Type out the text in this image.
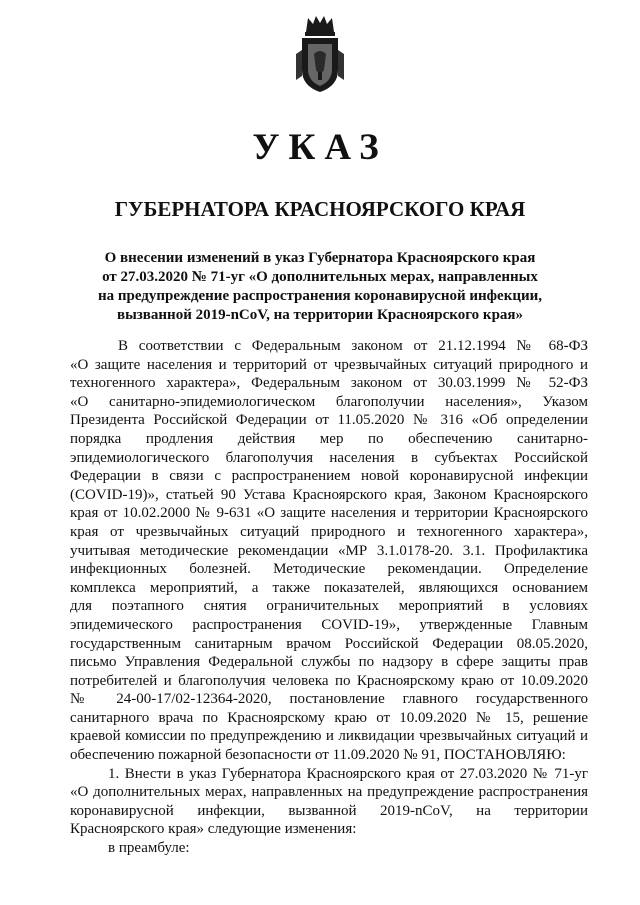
УКАЗ
ГУБЕРНАТОРА КРАСНОЯРСКОГО КРАЯ
О внесении изменений в указ Губернатора Красноярского края
от 27.03.2020 № 71-уг «О дополнительных мерах, направленных
на предупреждение распространения коронавирусной инфекции,
вызванной 2019-nCoV, на территории Красноярского края»
В соответствии с Федеральным законом от 21.12.1994 № 68-ФЗ
«О защите населения и территорий от чрезвычайных ситуаций природного и
техногенного характера», Федеральным законом от 30.03.1999 № 52-ФЗ
«О санитарно-эпидемиологическом благополучии населения», Указом
Президента Российской Федерации от 11.05.2020 № 316 «Об определении
порядка продления действия мер по обеспечению санитарно-
эпидемиологического благополучия населения в субъектах Российской
Федерации в связи с распространением новой коронавирусной инфекции
(COVID-19)», статьей 90 Устава Красноярского края, Законом Красноярского
края от 10.02.2000 № 9-631 «О защите населения и территории Красноярского
края от чрезвычайных ситуаций природного и техногенного характера»,
учитывая методические рекомендации «МР 3.1.0178-20. 3.1. Профилактика
инфекционных болезней. Методические рекомендации. Определение
комплекса мероприятий, а также показателей, являющихся основанием
для поэтапного снятия ограничительных мероприятий в условиях
эпидемического распространения COVID-19», утвержденные Главным
государственным санитарным врачом Российской Федерации 08.05.2020,
письмо Управления Федеральной службы по надзору в сфере защиты прав
потребителей и благополучия человека по Красноярскому краю от 10.09.2020
№ 24-00-17/02-12364-2020, постановление главного государственного
санитарного врача по Красноярскому краю от 10.09.2020 № 15, решение
краевой комиссии по предупреждению и ликвидации чрезвычайных ситуаций и
обеспечению пожарной безопасности от 11.09.2020 № 91, ПОСТАНОВЛЯЮ:
1. Внести в указ Губернатора Красноярского края от 27.03.2020 № 71-уг
«О дополнительных мерах, направленных на предупреждение распространения
коронавирусной инфекции, вызванной 2019-nCoV, на территории
Красноярского края» следующие изменения:
в преамбуле:
